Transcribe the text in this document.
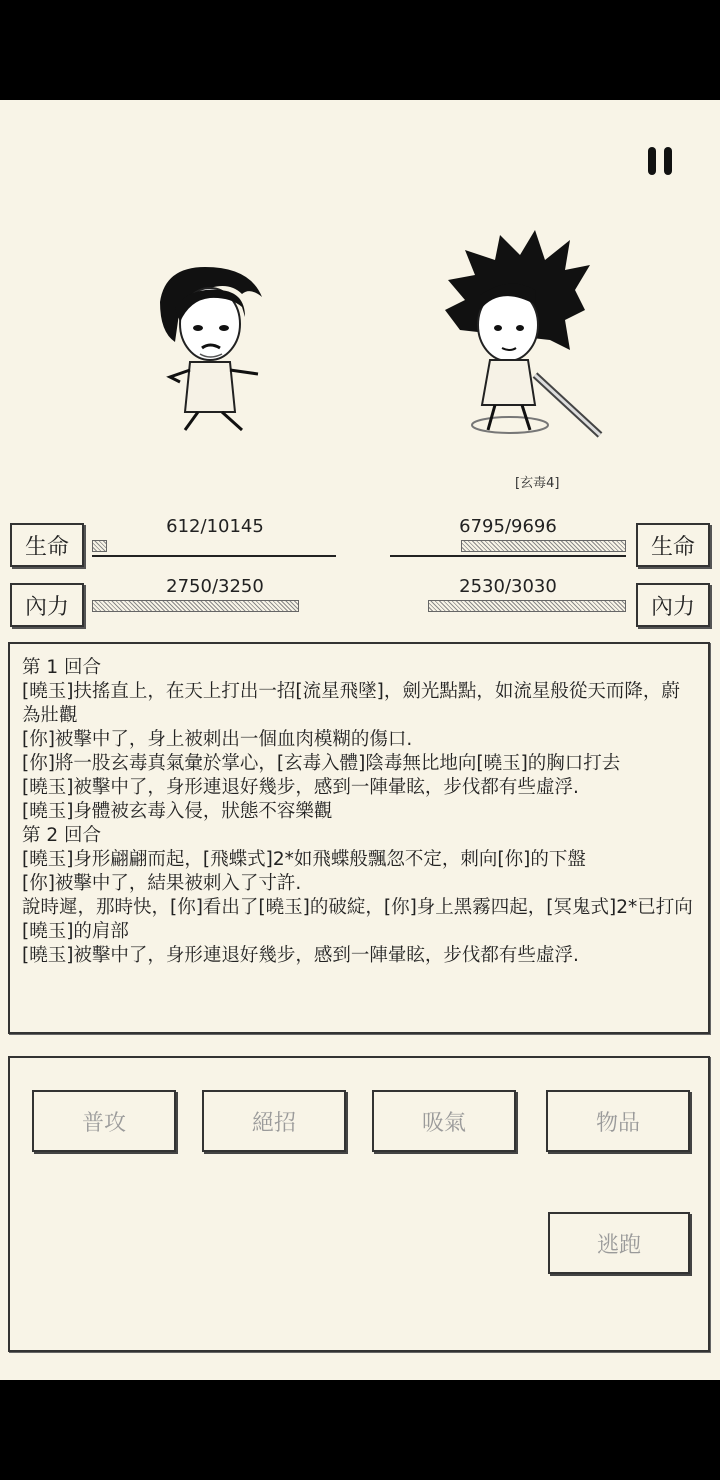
[玄毒4]
生命
612/10145
內力
2750/3250
生命
6795/9696
內力
2530/3030
第 1 回合
[曉玉]扶搖直上，在天上打出一招[流星飛墜]，劍光點點，如流星般從天而降，蔚為壯觀
[你]被擊中了，身上被刺出一個血肉模糊的傷口.
[你]將一股玄毒真氣彙於掌心，[玄毒入體]陰毒無比地向[曉玉]的胸口打去
[曉玉]被擊中了，身形連退好幾步，感到一陣暈眩，步伐都有些虛浮.
[曉玉]身體被玄毒入侵，狀態不容樂觀
第 2 回合
[曉玉]身形翩翩而起，[飛蝶式]2*如飛蝶般飄忽不定，刺向[你]的下盤
[你]被擊中了，結果被刺入了寸許.
說時遲，那時快，[你]看出了[曉玉]的破綻，[你]身上黑霧四起，[冥鬼式]2*已打向[曉玉]的肩部
[曉玉]被擊中了，身形連退好幾步，感到一陣暈眩，步伐都有些虛浮.
普攻	絕招	吸氣	物品
逃跑
